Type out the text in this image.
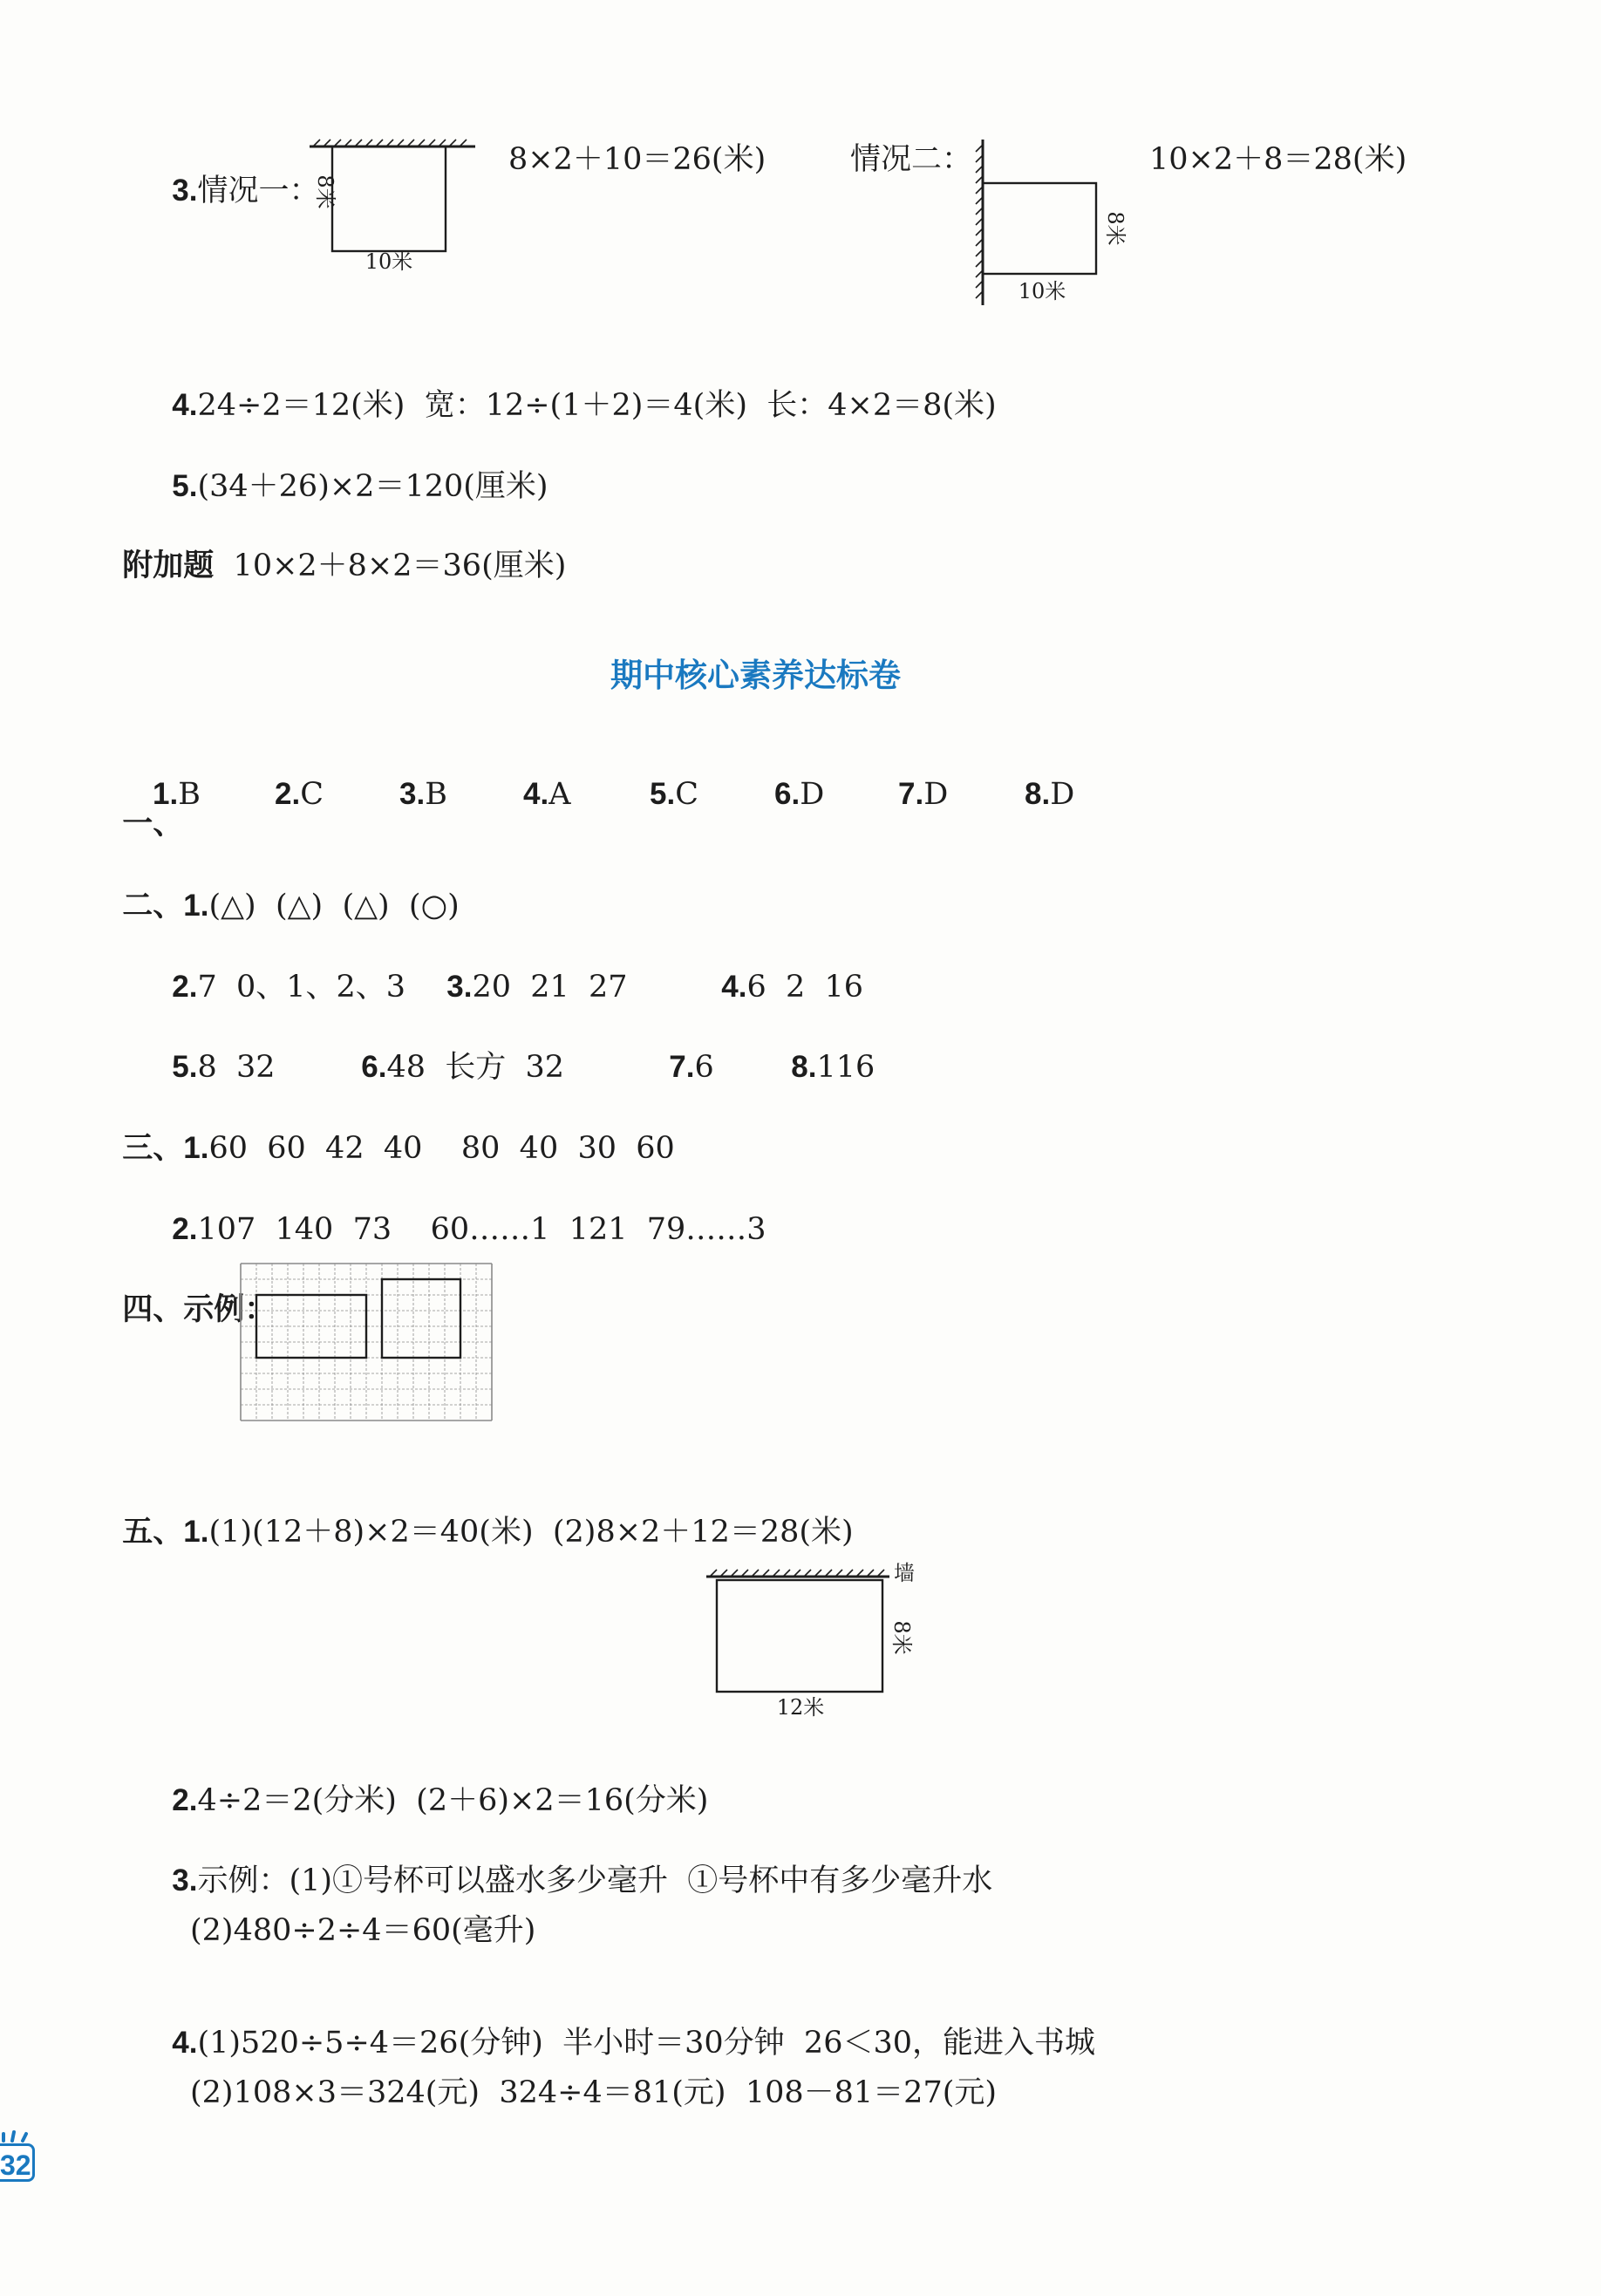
3.情况一：

8米
10米
8×2＋10＝26(米)	情况二：
8米
10米
10×2＋8＝28(米)

4.24÷2＝12(米)  宽：12÷(1＋2)＝4(米)  长：4×2＝8(米)

5.(34＋26)×2＝120(厘米)

附加题 10×2＋8×2＝36(厘米)

期中核心素养达标卷

一、

1.B 2.C 3.B 4.A	5.C 6.D 7.D	8.D

二、1.(△)  (△)  (△)  (○)

2.7  0、1、2、3	3.20  21  27	4.6  2  16

5.8  32	6.48  长方  32	7.6	8.116

三、1.60  60  42  40    80  40  30  60

2.107  140  73    60……1  121  79……3

四、示例：

五、1.(1)(12＋8)×2＝40(米)  (2)8×2＋12＝28(米)

墙
8米
12米

2.4÷2＝2(分米)  (2＋6)×2＝16(分米)

3.示例：(1)①号杯可以盛水多少毫升  ①号杯中有多少毫升水

(2)480÷2÷4＝60(毫升)

4.(1)520÷5÷4＝26(分钟)  半小时＝30分钟  26＜30，能进入书城

(2)108×3＝324(元)  324÷4＝81(元)  108－81＝27(元)
32
